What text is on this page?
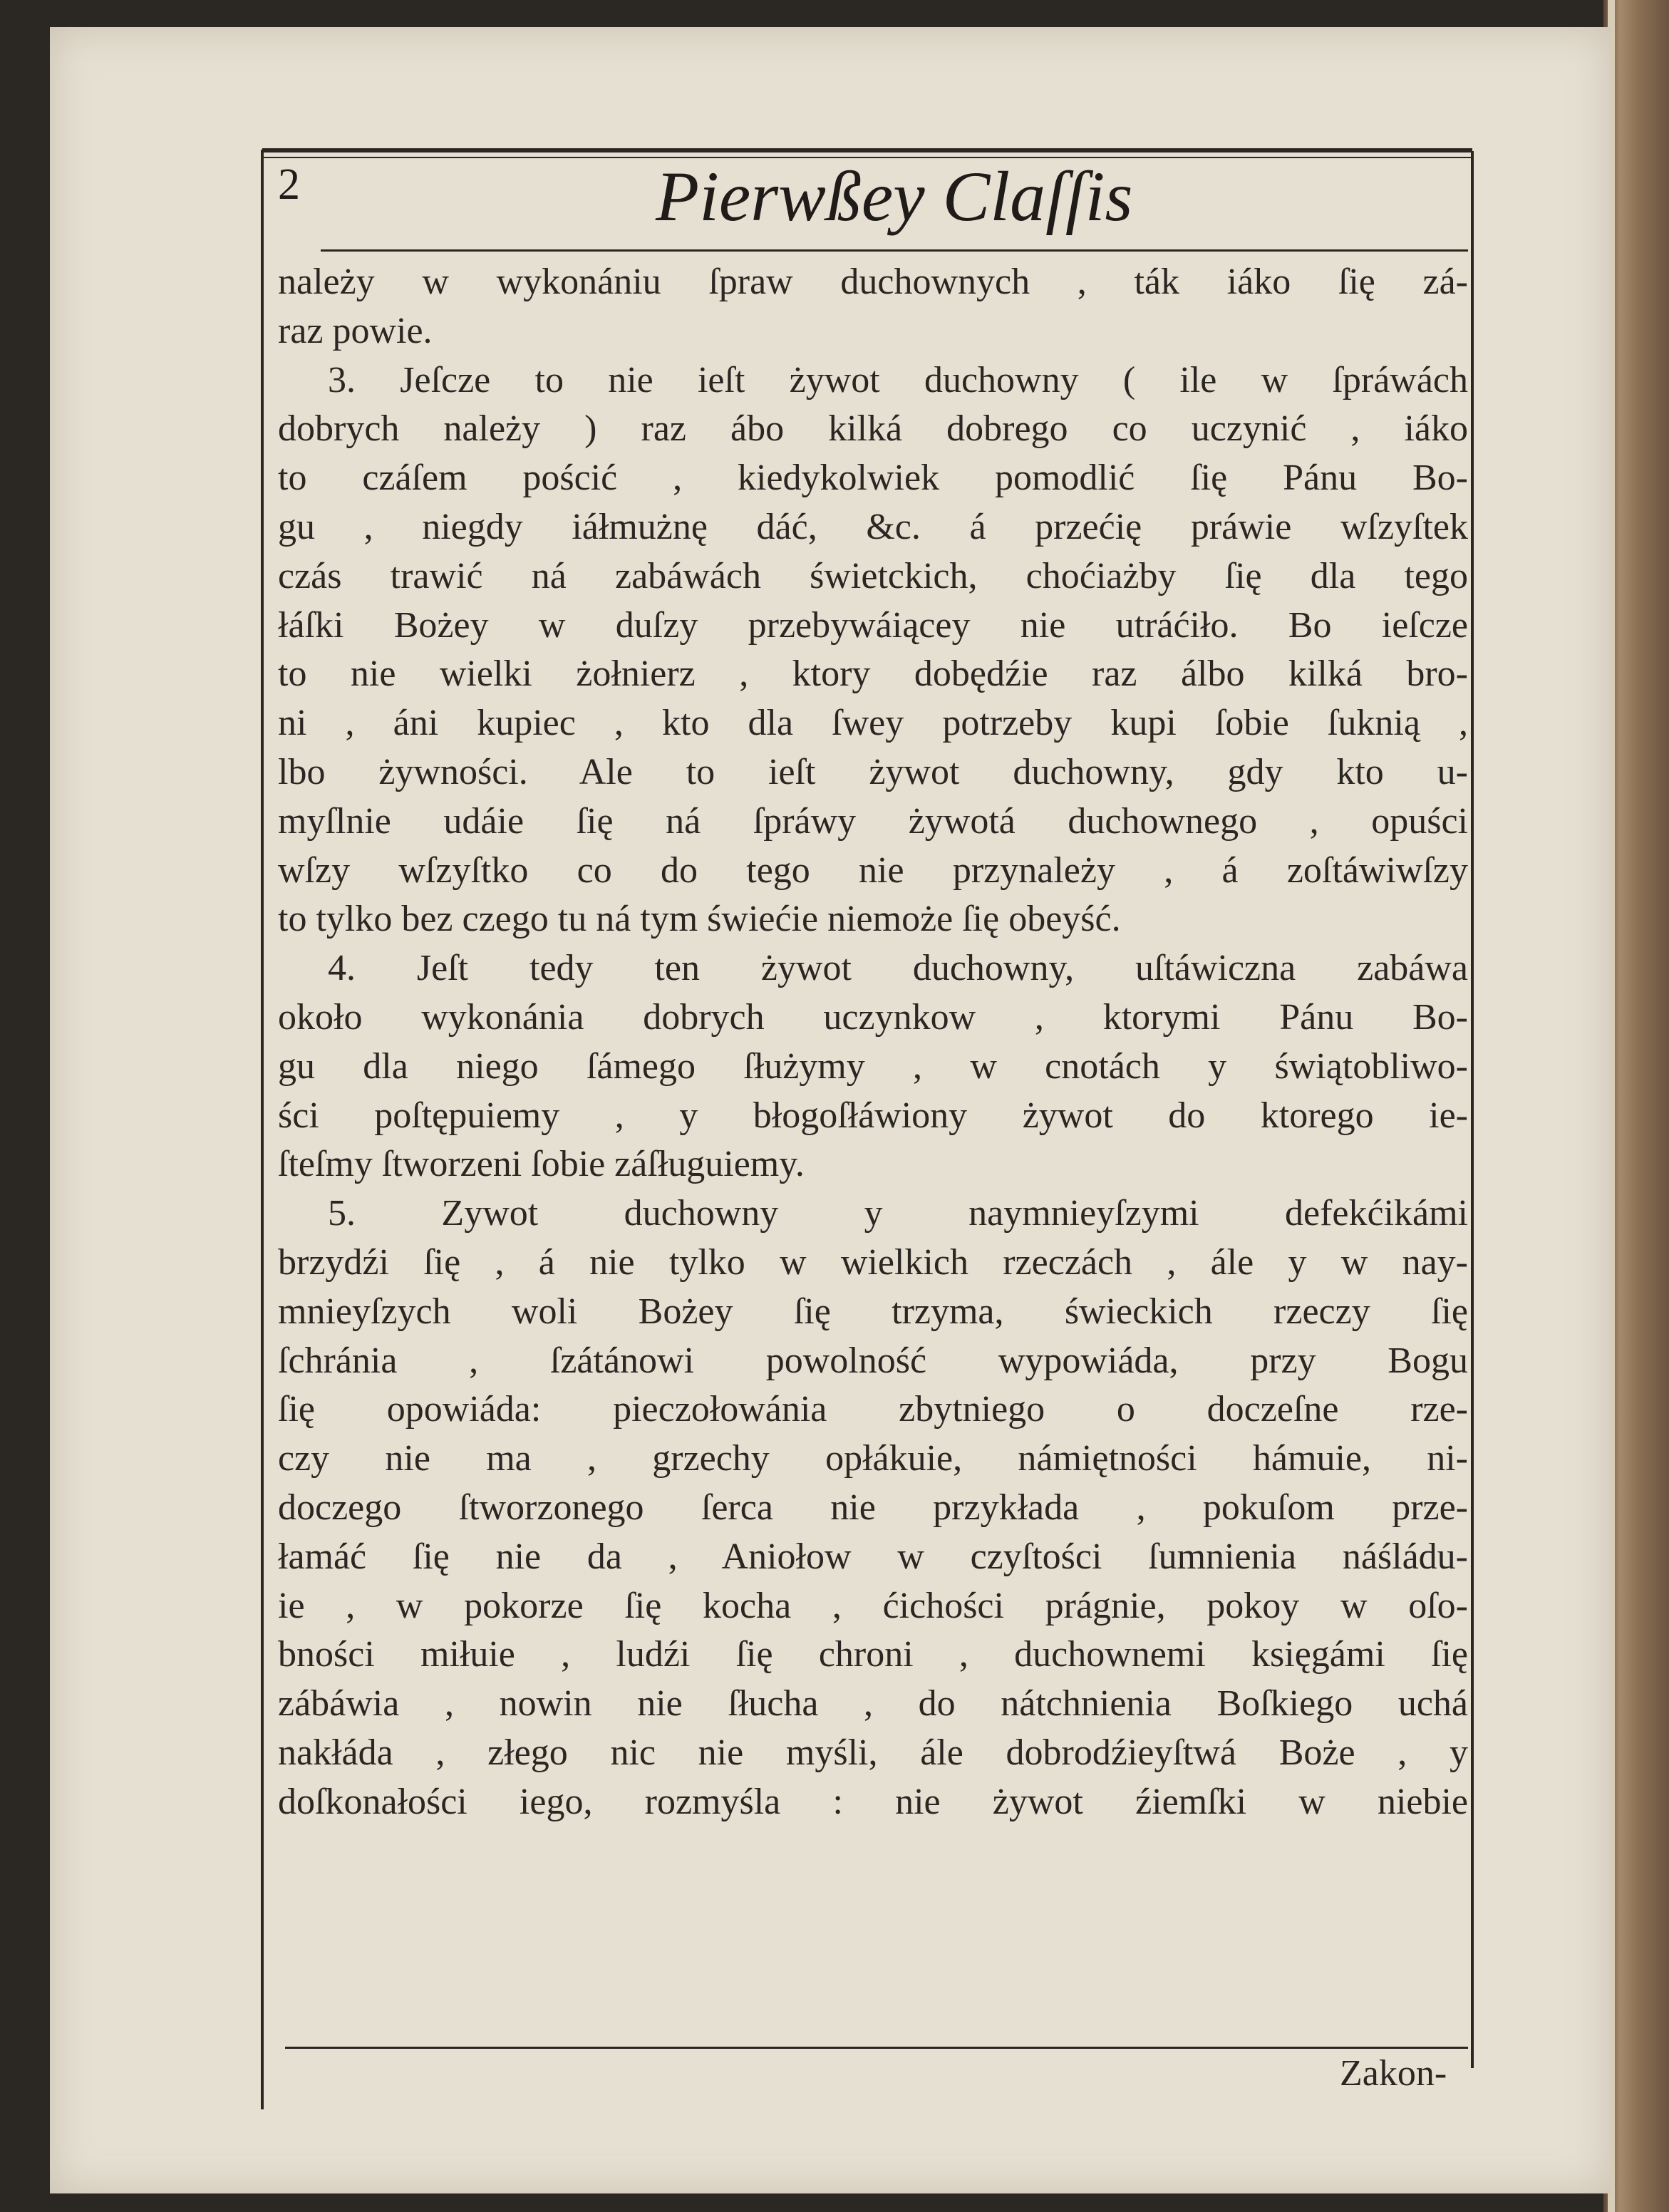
2	Pierwßey Claſſis
należy w wykonániu ſpraw duchownych , ták iáko ſię zá-
raz powie.
3. Jeſcze to nie ieſt żywot duchowny ( ile w ſpráwách
dobrych należy ) raz ábo kilká dobrego co uczynić , iáko
to czáſem pościć , kiedykolwiek pomodlić ſię Pánu Bo-
gu , niegdy iáłmużnę dáć, &c. á przećię práwie wſzyſtek
czás trawić ná zabáwách świetckich, choćiażby ſię dla tego
łáſki Bożey w duſzy przebywáiącey nie utráćiło. Bo ieſcze
to nie wielki żołnierz , ktory dobędźie raz álbo kilká bro-
ni , áni kupiec , kto dla ſwey potrzeby kupi ſobie ſuknią ,
lbo żywności. Ale to ieſt żywot duchowny, gdy kto u-
myſlnie udáie ſię ná ſpráwy żywotá duchownego , opuści
wſzy wſzyſtko co do tego nie przynależy , á zoſtáwiwſzy
to tylko bez czego tu ná tym świećie niemoże ſię obeyść.
4. Jeſt tedy ten żywot duchowny, uſtáwiczna zabáwa
około wykonánia dobrych uczynkow , ktorymi Pánu Bo-
gu dla niego ſámego ſłużymy , w cnotách y świątobliwo-
ści poſtępuiemy , y błogoſłáwiony żywot do ktorego ie-
ſteſmy ſtworzeni ſobie záſługuiemy.
5. Zywot duchowny y naymnieyſzymi defekćikámi
brzydźi ſię , á nie tylko w wielkich rzeczách , ále y w nay-
mnieyſzych woli Bożey ſię trzyma, świeckich rzeczy ſię
ſchránia , ſzátánowi powolność wypowiáda, przy Bogu
ſię opowiáda: pieczołowánia zbytniego o doczeſne rze-
czy nie ma , grzechy opłákuie, námiętności hámuie, ni-
doczego ſtworzonego ſerca nie przykłada , pokuſom prze-
łamáć ſię nie da , Aniołow w czyſtości ſumnienia náśládu-
ie , w pokorze ſię kocha , ćichości prágnie, pokoy w oſo-
bności miłuie , ludźi ſię chroni , duchownemi księgámi ſię
zábáwia , nowin nie ſłucha , do nátchnienia Boſkiego uchá
nakłáda , złego nic nie myśli, ále dobrodźieyſtwá Boże , y
doſkonałości iego, rozmyśla : nie żywot źiemſki w niebie
Zakon-
